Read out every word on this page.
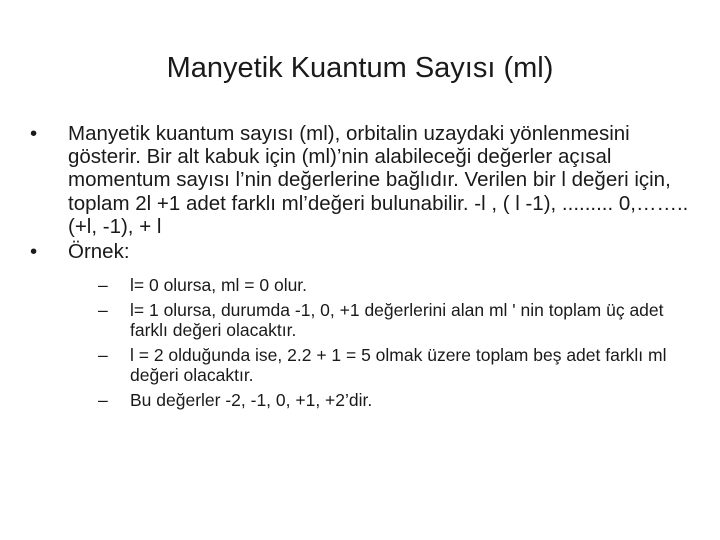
Manyetik Kuantum Sayısı (ml)
•	Manyetik kuantum sayısı (ml), orbitalin uzaydaki yönlenmesini gösterir. Bir alt kabuk için (ml)’nin alabileceği değerler açısal momentum sayısı l’nin değerlerine bağlıdır. Verilen bir l değeri için, toplam 2l +1 adet farklı ml’değeri bulunabilir. -l , ( l -1), ......... 0,……..(+l, -1), + l
•	Örnek:
–	l= 0 olursa, ml = 0 olur.
–	l= 1 olursa, durumda -1, 0, +1 değerlerini alan ml ' nin toplam üç adet farklı değeri olacaktır.
–	l = 2 olduğunda ise, 2.2 + 1 = 5 olmak üzere toplam beş adet farklı ml değeri olacaktır.
–	Bu değerler -2, -1, 0, +1, +2’dir.
